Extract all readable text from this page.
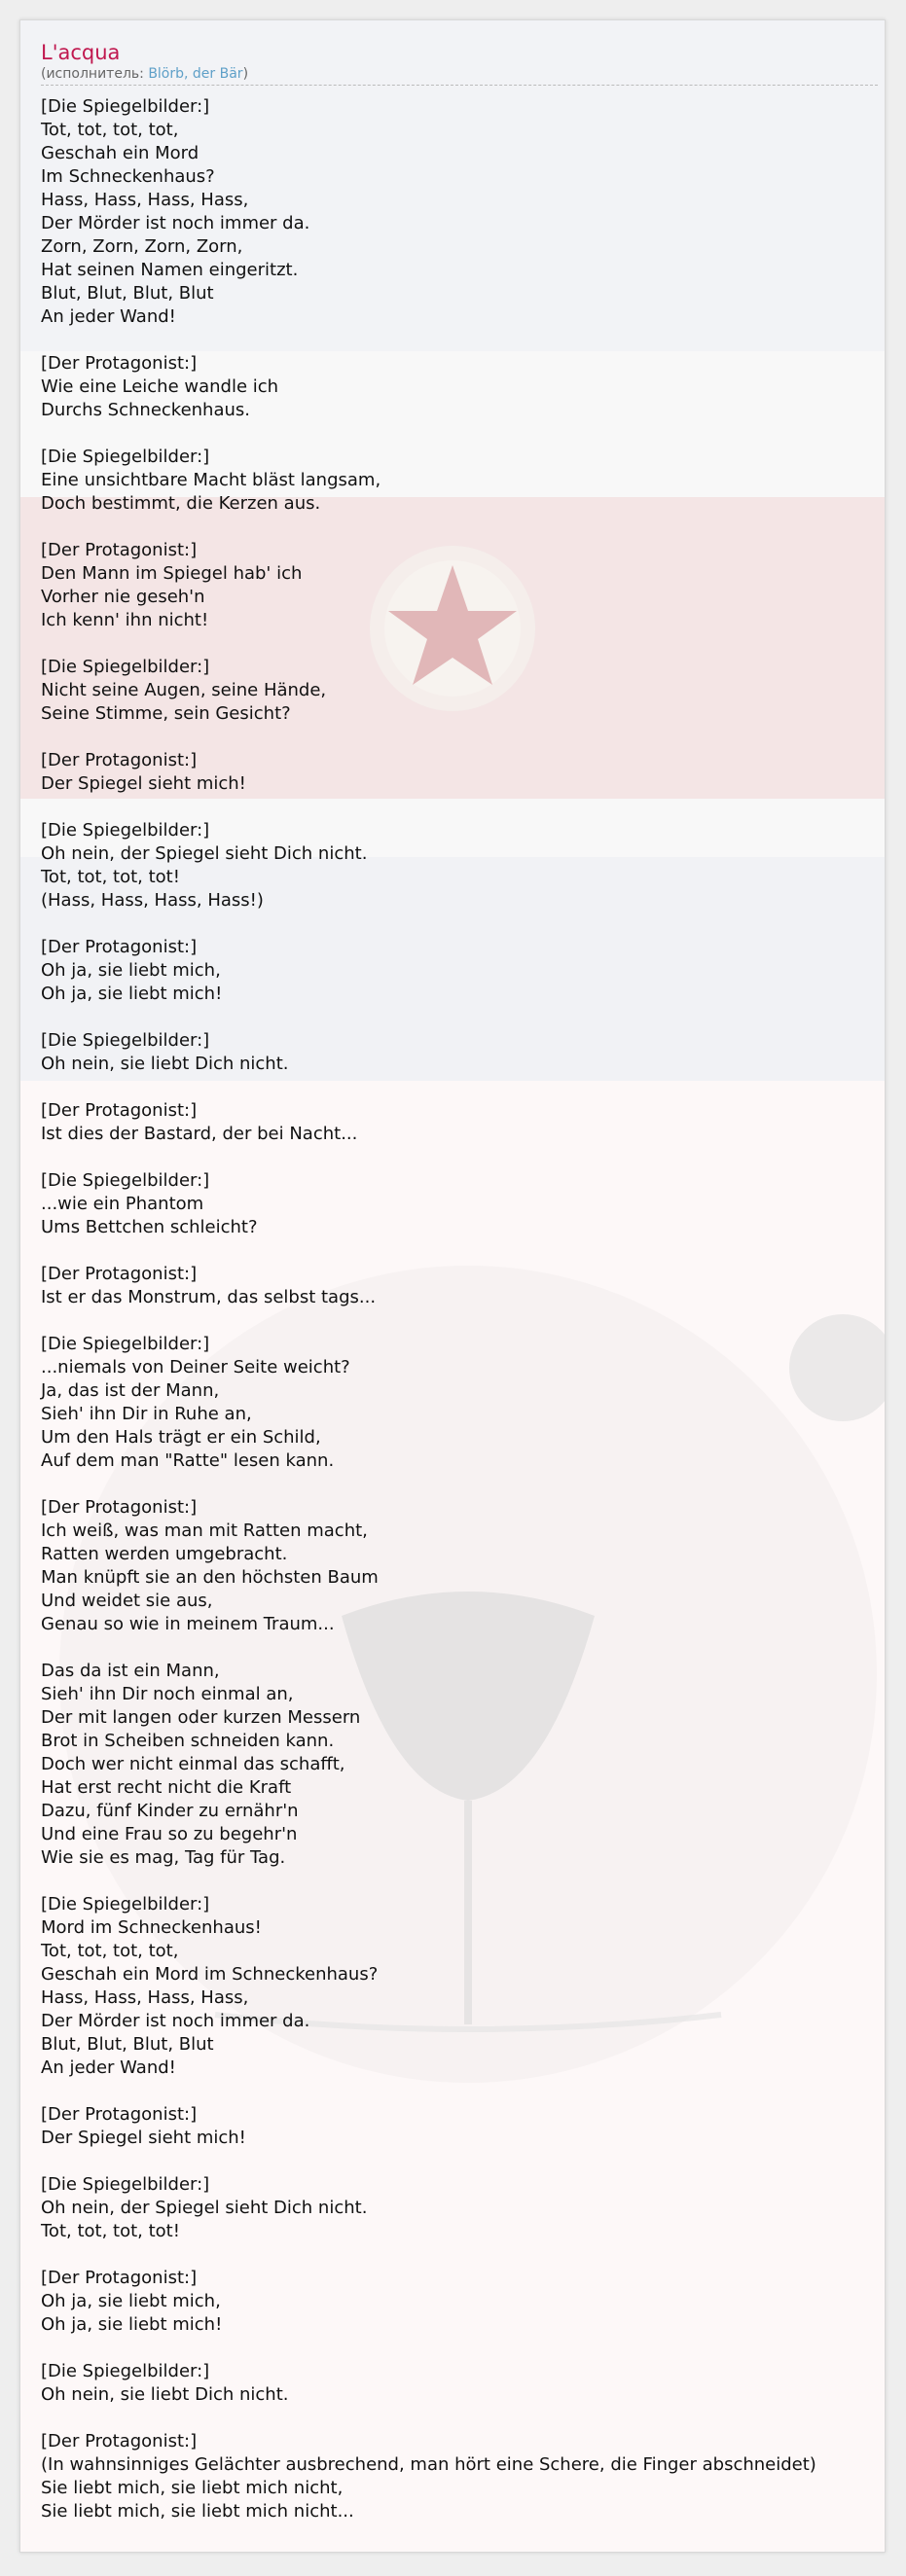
L'acqua
(исполнитель: Blörb, der Bär)
[Die Spiegelbilder:]
Tot, tot, tot, tot,
Geschah ein Mord
Im Schneckenhaus?
Hass, Hass, Hass, Hass,
Der Mörder ist noch immer da.
Zorn, Zorn, Zorn, Zorn,
Hat seinen Namen eingeritzt.
Blut, Blut, Blut, Blut
An jeder Wand!

[Der Protagonist:]
Wie eine Leiche wandle ich
Durchs Schneckenhaus.

[Die Spiegelbilder:]
Eine unsichtbare Macht bläst langsam,
Doch bestimmt, die Kerzen aus.

[Der Protagonist:]
Den Mann im Spiegel hab' ich
Vorher nie geseh'n
Ich kenn' ihn nicht!

[Die Spiegelbilder:]
Nicht seine Augen, seine Hände,
Seine Stimme, sein Gesicht?

[Der Protagonist:]
Der Spiegel sieht mich!

[Die Spiegelbilder:]
Oh nein, der Spiegel sieht Dich nicht.
Tot, tot, tot, tot!
(Hass, Hass, Hass, Hass!)

[Der Protagonist:]
Oh ja, sie liebt mich,
Oh ja, sie liebt mich!

[Die Spiegelbilder:]
Oh nein, sie liebt Dich nicht.

[Der Protagonist:]
Ist dies der Bastard, der bei Nacht...

[Die Spiegelbilder:]
...wie ein Phantom
Ums Bettchen schleicht?

[Der Protagonist:]
Ist er das Monstrum, das selbst tags...

[Die Spiegelbilder:]
...niemals von Deiner Seite weicht?
Ja, das ist der Mann,
Sieh' ihn Dir in Ruhe an,
Um den Hals trägt er ein Schild,
Auf dem man "Ratte" lesen kann.

[Der Protagonist:]
Ich weiß, was man mit Ratten macht,
Ratten werden umgebracht.
Man knüpft sie an den höchsten Baum
Und weidet sie aus,
Genau so wie in meinem Traum...

Das da ist ein Mann,
Sieh' ihn Dir noch einmal an,
Der mit langen oder kurzen Messern
Brot in Scheiben schneiden kann.
Doch wer nicht einmal das schafft,
Hat erst recht nicht die Kraft
Dazu, fünf Kinder zu ernähr'n
Und eine Frau so zu begehr'n
Wie sie es mag, Tag für Tag.

[Die Spiegelbilder:]
Mord im Schneckenhaus!
Tot, tot, tot, tot,
Geschah ein Mord im Schneckenhaus?
Hass, Hass, Hass, Hass,
Der Mörder ist noch immer da.
Blut, Blut, Blut, Blut
An jeder Wand!

[Der Protagonist:]
Der Spiegel sieht mich!

[Die Spiegelbilder:]
Oh nein, der Spiegel sieht Dich nicht.
Tot, tot, tot, tot!

[Der Protagonist:]
Oh ja, sie liebt mich,
Oh ja, sie liebt mich!

[Die Spiegelbilder:]
Oh nein, sie liebt Dich nicht.

[Der Protagonist:]
(In wahnsinniges Gelächter ausbrechend, man hört eine Schere, die Finger abschneidet)
Sie liebt mich, sie liebt mich nicht,
Sie liebt mich, sie liebt mich nicht...
